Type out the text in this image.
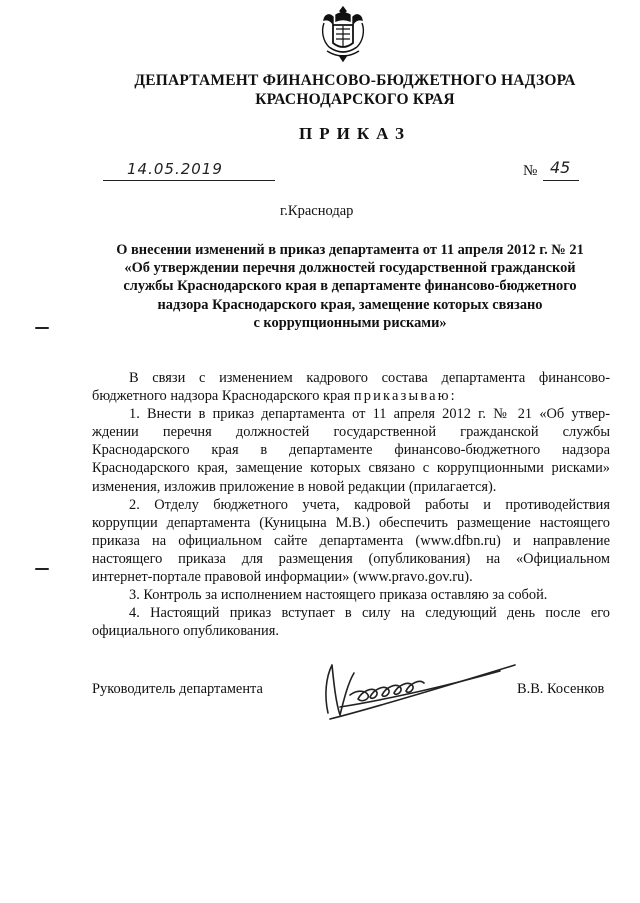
ДЕПАРТАМЕНТ ФИНАНСОВО-БЮДЖЕТНОГО НАДЗОРА
КРАСНОДАРСКОГО КРАЯ
ПРИКАЗ
14.05.2019	№ 45
г.Краснодар
О внесении изменений в приказ департамента от 11 апреля 2012 г. № 21
«Об утверждении перечня должностей государственной гражданской
службы Краснодарского края в департаменте финансово-бюджетного
надзора Краснодарского края, замещение которых связано
с коррупционными рисками»
В связи с изменением кадрового состава департамента финансово-
бюджетного надзора Краснодарского края приказываю:
1. Внести в приказ департамента от 11 апреля 2012 г. № 21 «Об утвер-
ждении перечня должностей государственной гражданской службы
Краснодарского края в департаменте финансово-бюджетного надзора
Краснодарского края, замещение которых связано с коррупционными рисками»
изменения, изложив приложение в новой редакции (прилагается).
2. Отделу бюджетного учета, кадровой работы и противодействия
коррупции департамента (Куницына М.В.) обеспечить размещение настоящего
приказа на официальном сайте департамента (www.dfbn.ru) и направление
настоящего приказа для размещения (опубликования) на «Официальном
интернет-портале правовой информации» (www.pravo.gov.ru).
3. Контроль за исполнением настоящего приказа оставляю за собой.
4. Настоящий приказ вступает в силу на следующий день после его
официального опубликования.
Руководитель департамента	В.В. Косенков
